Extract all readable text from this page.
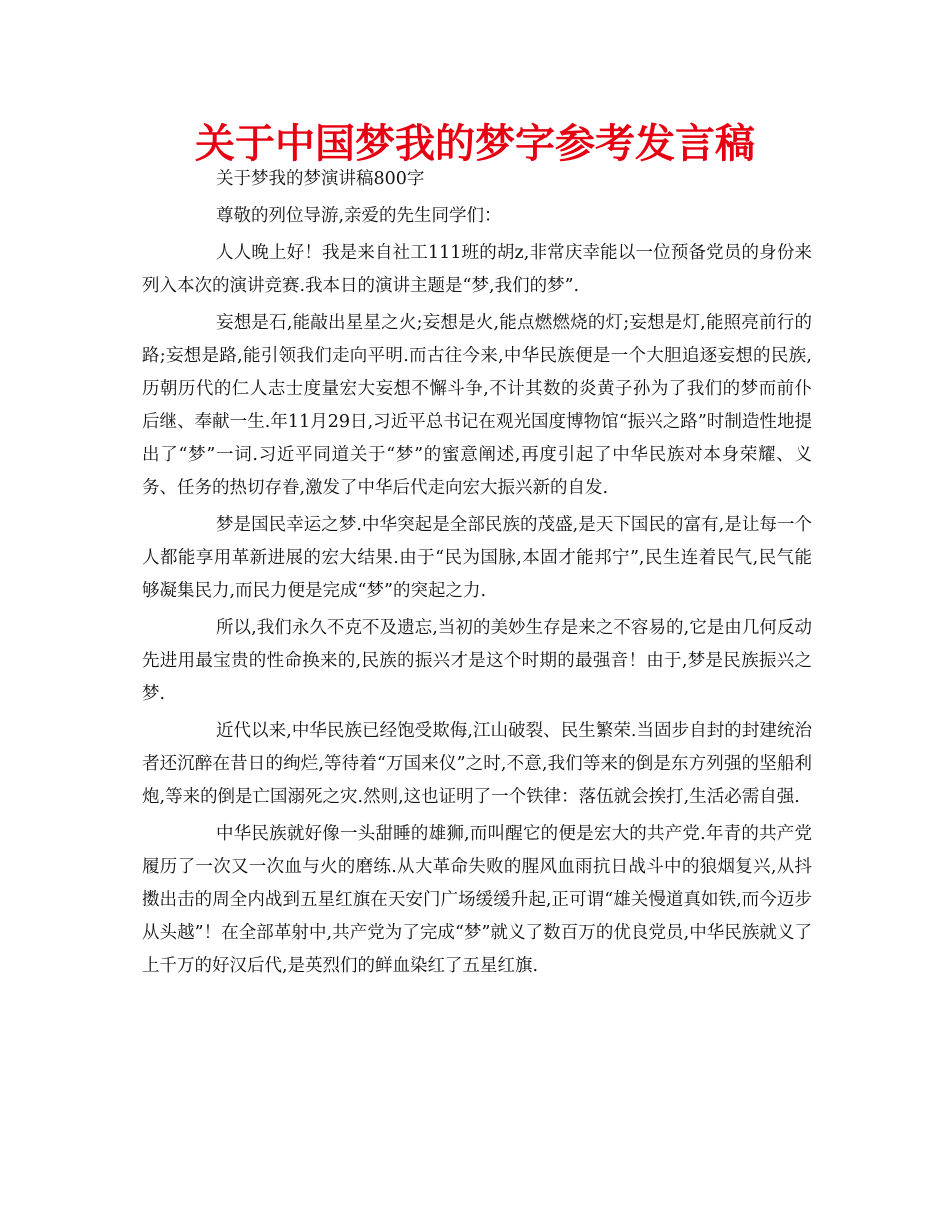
关于中国梦我的梦字参考发言稿

关于梦我的梦演讲稿800字

尊敬的列位导游,亲爱的先生同学们：

人人晚上好！我是来自社工111班的胡z,非常庆幸能以一位预备党员的身份来列入本次的演讲竞赛.我本日的演讲主题是“梦,我们的梦”.

妄想是石,能敲出星星之火;妄想是火,能点燃燃烧的灯;妄想是灯,能照亮前行的路;妄想是路,能引领我们走向平明.而古往今来,中华民族便是一个大胆追逐妄想的民族,历朝历代的仁人志士度量宏大妄想不懈斗争,不计其数的炎黄子孙为了我们的梦而前仆后继、奉献一生.年11月29日,习近平总书记在观光国度博物馆“振兴之路”时制造性地提出了“梦”一词.习近平同道关于“梦”的蜜意阐述,再度引起了中华民族对本身荣耀、义务、任务的热切存眷,激发了中华后代走向宏大振兴新的自发.

梦是国民幸运之梦.中华突起是全部民族的茂盛,是天下国民的富有,是让每一个人都能享用革新进展的宏大结果.由于“民为国脉,本固才能邦宁”,民生连着民气,民气能够凝集民力,而民力便是完成“梦”的突起之力.

所以,我们永久不克不及遗忘,当初的美妙生存是来之不容易的,它是由几何反动先进用最宝贵的性命换来的,民族的振兴才是这个时期的最强音！由于,梦是民族振兴之梦.

近代以来,中华民族已经饱受欺侮,江山破裂、民生繁荣.当固步自封的封建统治者还沉醉在昔日的绚烂,等待着“万国来仪”之时,不意,我们等来的倒是东方列强的坚船利炮,等来的倒是亡国溺死之灾.然则,这也证明了一个铁律：落伍就会挨打,生活必需自强.

中华民族就好像一头甜睡的雄狮,而叫醒它的便是宏大的共产党.年青的共产党履历了一次又一次血与火的磨练.从大革命失败的腥风血雨抗日战斗中的狼烟复兴,从抖擞出击的周全内战到五星红旗在天安门广场缓缓升起,正可谓“雄关慢道真如铁,而今迈步从头越”！在全部革射中,共产党为了完成“梦”就义了数百万的优良党员,中华民族就义了上千万的好汉后代,是英烈们的鲜血染红了五星红旗.
